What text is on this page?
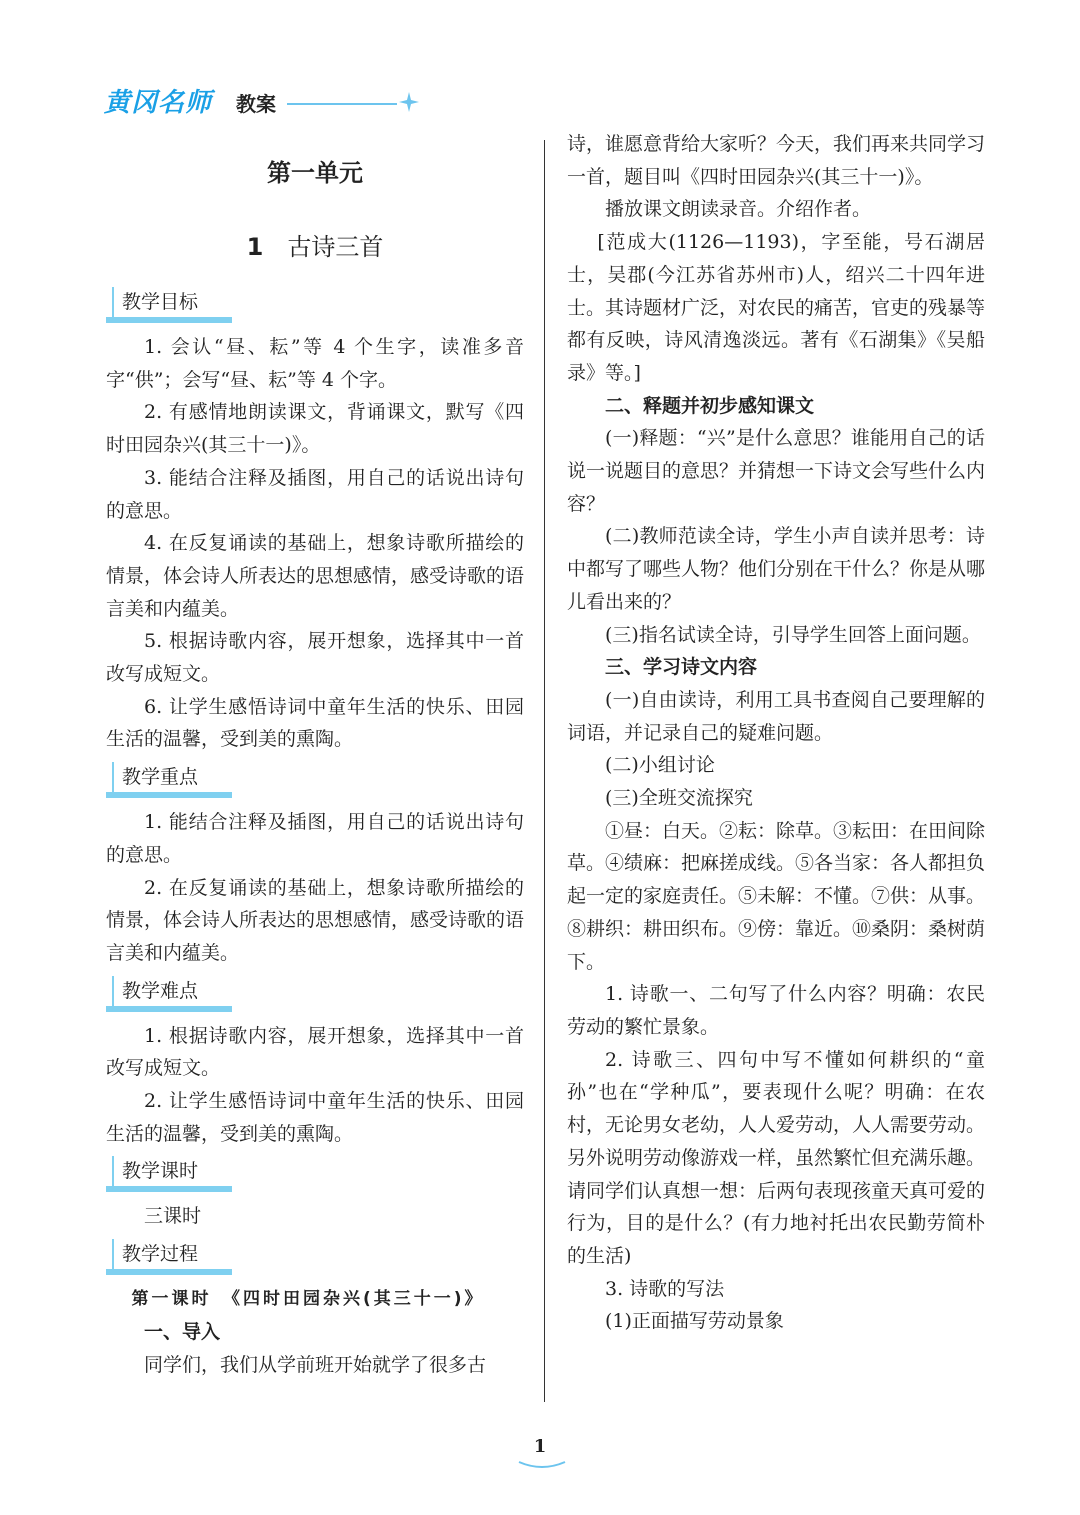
黄冈名师 教案
第一单元
1 古诗三首
教学目标

1. 会认“昼、耘”等 4 个生字，读准多音字“供”；会写“昼、耘”等 4 个字。

2. 有感情地朗读课文，背诵课文，默写《四时田园杂兴(其三十一)》。

3. 能结合注释及插图，用自己的话说出诗句的意思。

4. 在反复诵读的基础上，想象诗歌所描绘的情景，体会诗人所表达的思想感情，感受诗歌的语言美和内蕴美。

5. 根据诗歌内容，展开想象，选择其中一首改写成短文。

6. 让学生感悟诗词中童年生活的快乐、田园生活的温馨，受到美的熏陶。

教学重点

1. 能结合注释及插图，用自己的话说出诗句的意思。

2. 在反复诵读的基础上，想象诗歌所描绘的情景，体会诗人所表达的思想感情，感受诗歌的语言美和内蕴美。

教学难点

1. 根据诗歌内容，展开想象，选择其中一首改写成短文。

2. 让学生感悟诗词中童年生活的快乐、田园生活的温馨，受到美的熏陶。

教学课时

三课时

教学过程

第一课时　《四时田园杂兴(其三十一)》

一、导入

同学们，我们从学前班开始就学了很多古

诗，谁愿意背给大家听？今天，我们再来共同学习一首，题目叫《四时田园杂兴(其三十一)》。

播放课文朗读录音。介绍作者。

[范成大(1126—1193)，字至能，号石湖居士，吴郡(今江苏省苏州市)人，绍兴二十四年进士。其诗题材广泛，对农民的痛苦，官吏的残暴等都有反映，诗风清逸淡远。著有《石湖集》《吴船录》等。]

二、释题并初步感知课文

(一)释题：“兴”是什么意思？谁能用自己的话说一说题目的意思？并猜想一下诗文会写些什么内容？

(二)教师范读全诗，学生小声自读并思考：诗中都写了哪些人物？他们分别在干什么？你是从哪儿看出来的？

(三)指名试读全诗，引导学生回答上面问题。

三、学习诗文内容

(一)自由读诗，利用工具书查阅自己要理解的词语，并记录自己的疑难问题。

(二)小组讨论

(三)全班交流探究

①昼：白天。②耘：除草。③耘田：在田间除草。④绩麻：把麻搓成线。⑤各当家：各人都担负起一定的家庭责任。⑤未解：不懂。⑦供：从事。⑧耕织：耕田织布。⑨傍：靠近。⑩桑阴：桑树荫下。

1. 诗歌一、二句写了什么内容？明确：农民劳动的繁忙景象。

2. 诗歌三、四句中写不懂如何耕织的“童孙”也在“学种瓜”，要表现什么呢？明确：在农村，无论男女老幼，人人爱劳动，人人需要劳动。另外说明劳动像游戏一样，虽然繁忙但充满乐趣。请同学们认真想一想：后两句表现孩童天真可爱的行为，目的是什么？(有力地衬托出农民勤劳简朴的生活)

3. 诗歌的写法

(1)正面描写劳动景象

1
